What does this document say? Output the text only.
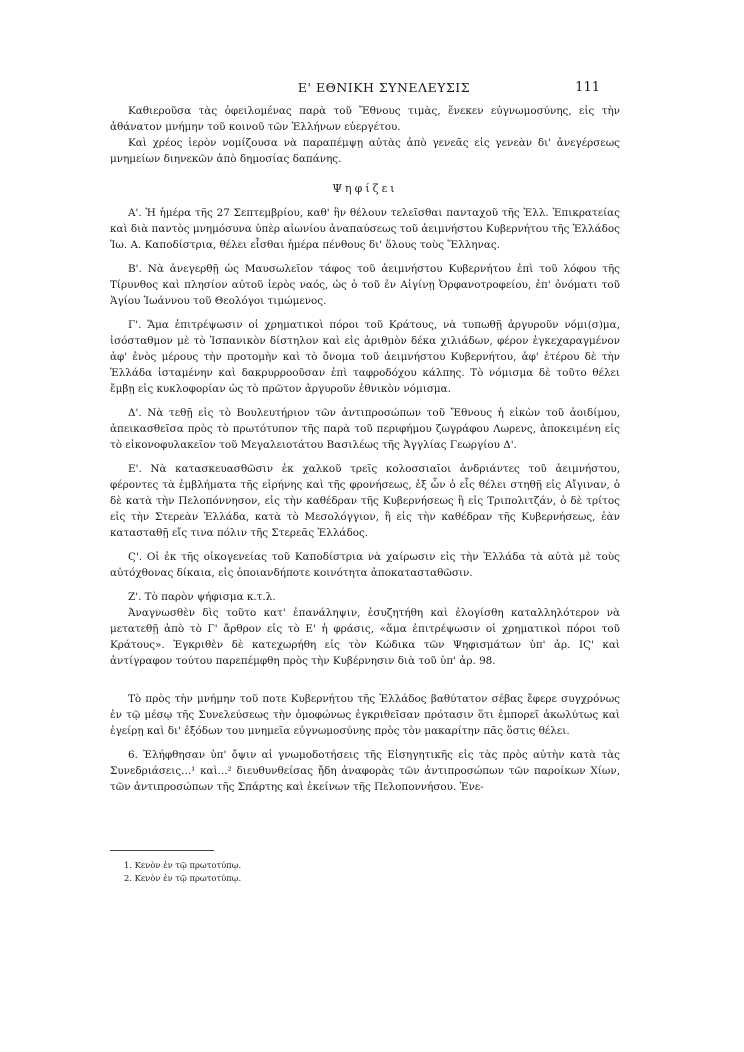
Ε' ΕΘΝΙΚΗ ΣΥΝΕΛΕΥΣΙΣ	111

Καθιεροῦσα τὰς ὀφειλομένας παρὰ τοῦ Ἔθνους τιμὰς, ἕνεκεν εὐγνωμοσύνης, εἰς τὴν ἀθάνατον μνήμην τοῦ κοινοῦ τῶν Ἑλλήνων εὐεργέτου.

Καὶ χρέος ἱερὸν νομίζουσα νὰ παραπέμψῃ αὐτὰς ἀπὸ γενεᾶς εἰς γενεὰν δι' ἀνεγέρσεως μνημείων διηνεκῶν ἀπὸ δημοσίας δαπάνης.

Ψηφίζει

Α'. Ἡ ἡμέρα τῆς 27 Σεπτεμβρίου, καθ' ἣν θέλουν τελεῖσθαι πανταχοῦ τῆς Ἑλλ. Ἐπικρατείας καὶ διὰ παντὸς μνημόσυνα ὑπὲρ αἰωνίου ἀναπαύσεως τοῦ ἀειμνήστου Κυβερνήτου τῆς Ἑλλάδος Ἰω. Α. Καποδίστρια, θέλει εἶσθαι ἡμέρα πένθους δι' ὅλους τοὺς Ἕλληνας.

Β'. Νὰ ἀνεγερθῇ ὡς Μαυσωλεῖον τάφος τοῦ ἀειμνήστου Κυβερνήτου ἐπὶ τοῦ λόφου τῆς Τίρυνθος καὶ πλησίον αὐτοῦ ἱερὸς ναός, ὡς ὁ τοῦ ἐν Αἰγίνῃ Ὀρφανοτροφείου, ἐπ' ὀνόματι τοῦ Ἁγίου Ἰωάννου τοῦ Θεολόγοι τιμώμενος.

Γ'. Ἅμα ἐπιτρέψωσιν οἱ χρηματικοὶ πόροι τοῦ Κράτους, νὰ τυπωθῇ ἀργυροῦν νόμι(σ)μα, ἰσόσταθμον μὲ τὸ Ἱσπανικὸν δίστηλον καὶ εἰς ἀριθμὸν δέκα χιλιάδων, φέρον ἐγκεχαραγμένον ἀφ' ἑνὸς μέρους τὴν προτομὴν καὶ τὸ ὄνομα τοῦ ἀειμνήστου Κυβερνήτου, ἀφ' ἑτέρου δὲ τὴν Ἑλλάδα ἱσταμένην καὶ δακρυρροοῦσαν ἐπὶ ταφροδόχου κάλπης. Τὸ νόμισμα δὲ τοῦτο θέλει ἔμβῃ εἰς κυκλοφορίαν ὡς τὸ πρῶτον ἀργυροῦν ἐθνικὸν νόμισμα.

Δ'. Νὰ τεθῇ εἰς τὸ Βουλευτήριον τῶν ἀντιπροσώπων τοῦ Ἔθνους ἡ εἰκὼν τοῦ ἀοιδίμου, ἀπεικασθεῖσα πρὸς τὸ πρωτότυπον τῆς παρὰ τοῦ περιφήμου ζωγράφου Λωρενς, ἀποκειμένη εἰς τὸ εἰκονοφυλακεῖον τοῦ Μεγαλειοτάτου Βασιλέως τῆς Ἀγγλίας Γεωργίου Δ'.

Ε'. Νὰ κατασκευασθῶσιν ἐκ χαλκοῦ τρεῖς κολοσσιαῖοι ἀνδριάντες τοῦ ἀειμνήστου, φέροντες τὰ ἐμβλήματα τῆς εἰρήνης καὶ τῆς φρονήσεως, ἐξ ὧν ὁ εἷς θέλει στηθῇ εἰς Αἴγιναν, ὁ δὲ κατὰ τὴν Πελοπόννησον, εἰς τὴν καθέδραν τῆς Κυβερνήσεως ἢ εἰς Τριπολιτζάν, ὁ δὲ τρίτος εἰς τὴν Στερεὰν Ἑλλάδα, κατὰ τὸ Μεσολόγγιον, ἢ εἰς τὴν καθέδραν τῆς Κυβερνήσεως, ἐὰν κατασταθῇ εἴς τινα πόλιν τῆς Στερεᾶς Ἑλλάδος.

Ϛ'. Οἱ ἐκ τῆς οἰκογενείας τοῦ Καποδίστρια νὰ χαίρωσιν εἰς τὴν Ἑλλάδα τὰ αὐτὰ μὲ τοὺς αὐτόχθονας δίκαια, εἰς ὁποιανδήποτε κοινότητα ἀποκατασταθῶσιν.

Ζ'. Τὸ παρὸν ψήφισμα κ.τ.λ.

Ἀναγνωσθὲν δὶς τοῦτο κατ' ἐπανάληψιν, ἐσυζητήθη καὶ ἐλογίσθη καταλληλότερον νὰ μετατεθῇ ἀπὸ τὸ Γ' ἄρθρον εἰς τὸ Ε' ἡ φράσις, «ἅμα ἐπιτρέψωσιν οἱ χρηματικοὶ πόροι τοῦ Κράτους». Ἐγκριθὲν δὲ κατεχωρήθη εἰς τὸν Κώδικα τῶν Ψηφισμάτων ὑπ' ἀρ. ΙϚ' καὶ ἀντίγραφον τούτου παρεπέμφθη πρὸς τὴν Κυβέρνησιν διὰ τοῦ ὑπ' ἀρ. 98.

Τὸ πρὸς τὴν μνήμην τοῦ ποτε Κυβερνήτου τῆς Ἑλλάδος βαθύτατον σέβας ἔφερε συγχρόνως ἐν τῷ μέσῳ τῆς Συνελεύσεως τὴν ὁμοφώνως ἐγκριθεῖσαν πρότασιν ὅτι ἐμπορεῖ ἀκωλύτως καὶ ἐγείρῃ καὶ δι' ἐξόδων του μνημεῖα εὐγνωμοσύνης πρὸς τὸν μακαρίτην πᾶς ὅστις θέλει.

6. Ἐλήφθησαν ὑπ' ὄψιν αἱ γνωμοδοτήσεις τῆς Εἰσηγητικῆς εἰς τὰς πρὸς αὐτὴν κατὰ τὰς Συνεδριάσεις...¹ καὶ...² διευθυνθείσας ἤδη ἀναφορὰς τῶν ἀντιπροσώπων τῶν παροίκων Χίων, τῶν ἀντιπροσώπων τῆς Σπάρτης καὶ ἐκείνων τῆς Πελοποννήσου. Ἐνε-

1. Κενὸν ἐν τῷ πρωτοτύπῳ.

2. Κενὸν ἐν τῷ πρωτοτύπῳ.
